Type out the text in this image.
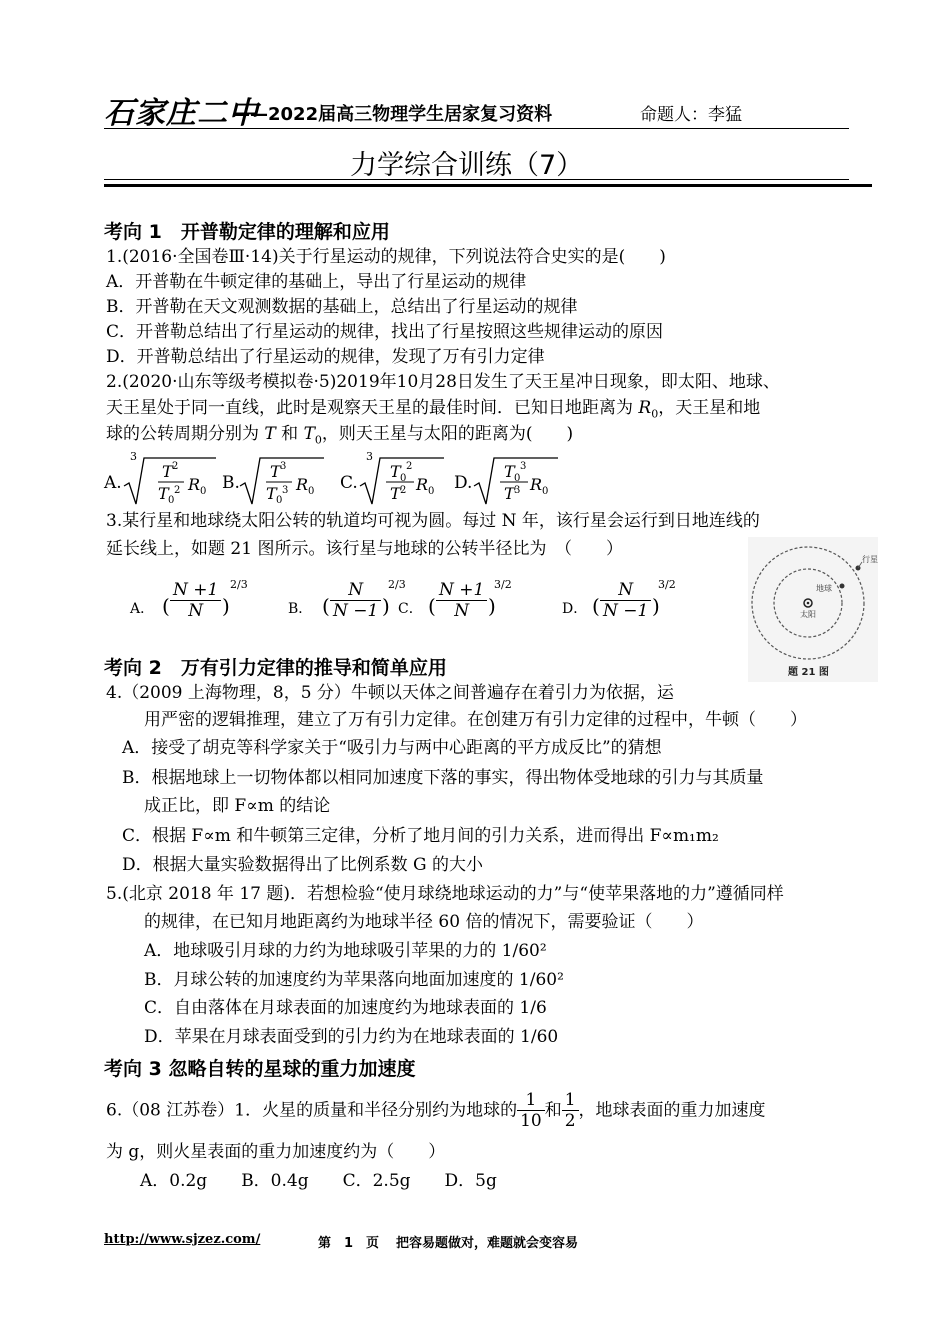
石家庄二中
——2022届高三物理学生居家复习资料	命题人：李猛
力学综合训练（7）
考向 1　开普勒定律的理解和应用
1.(2016·全国卷Ⅲ·14)关于行星运动的规律，下列说法符合史实的是(　　)
A．开普勒在牛顿定律的基础上，导出了行星运动的规律
B．开普勒在天文观测数据的基础上，总结出了行星运动的规律
C．开普勒总结出了行星运动的规律，找出了行星按照这些规律运动的原因
D．开普勒总结出了行星运动的规律，发现了万有引力定律
2.(2020·山东等级考模拟卷·5)2019年10月28日发生了天王星冲日现象，即太阳、地球、
天王星处于同一直线，此时是观察天王星的最佳时间．已知日地距离为 $R_0$，天王星和地
球的公转周期分别为 T 和 $T_0$，则天王星与太阳的距离为(　　)
A.
3
T 2
T 0
2 R 0 B.
T 3
T 0
3 R 0 C.
3
T 0
2
T 2 R 0 D.
T 0
3
T 3 R 0
3.某行星和地球绕太阳公转的轨道均可视为圆。每过 N 年，该行星会运行到日地连线的
延长线上，如题 21 图所示。该行星与地球的公转半径比为　（　　）
A． ( $\frac{N +1}{N}$ )
2/3
B． ( $\frac{N}{N -1}$ )
2/3
C． ( $\frac{N +1}{N}$ )
3/2
D． ( $\frac{N}{N -1}$ )
3/2
行星
地球
太阳
题 21 图
考向 2　万有引力定律的推导和简单应用
4.（2009 上海物理，8，5 分）牛顿以天体之间普遍存在着引力为依据，运
用严密的逻辑推理，建立了万有引力定律。在创建万有引力定律的过程中，牛顿（　　）
A．接受了胡克等科学家关于“吸引力与两中心距离的平方成反比”的猜想
B．根据地球上一切物体都以相同加速度下落的事实，得出物体受地球的引力与其质量
成正比，即 F∝m 的结论
C．根据 F∝m 和牛顿第三定律，分析了地月间的引力关系，进而得出 F∝m₁m₂
D．根据大量实验数据得出了比例系数 G 的大小
5.(北京 2018 年 17 题)．若想检验“使月球绕地球运动的力”与“使苹果落地的力”遵循同样
的规律，在已知月地距离约为地球半径 60 倍的情况下，需要验证（　　）
A．地球吸引月球的力约为地球吸引苹果的力的 1/60²
B．月球公转的加速度约为苹果落向地面加速度的 1/60²
C．自由落体在月球表面的加速度约为地球表面的 1/6
D．苹果在月球表面受到的引力约为在地球表面的 1/60
考向 3 忽略自转的星球的重力加速度
6.（08 江苏卷）1．火星的质量和半径分别约为地球的 $\frac{1}{10}$ 和 $\frac{1}{2}$ ，地球表面的重力加速度
为 g，则火星表面的重力加速度约为（　　）
A．0.2g　　B．0.4g　　C．2.5g　　D．5g
http://www.sjzez.com/	第　1　页 把容易题做对，难题就会变容易
